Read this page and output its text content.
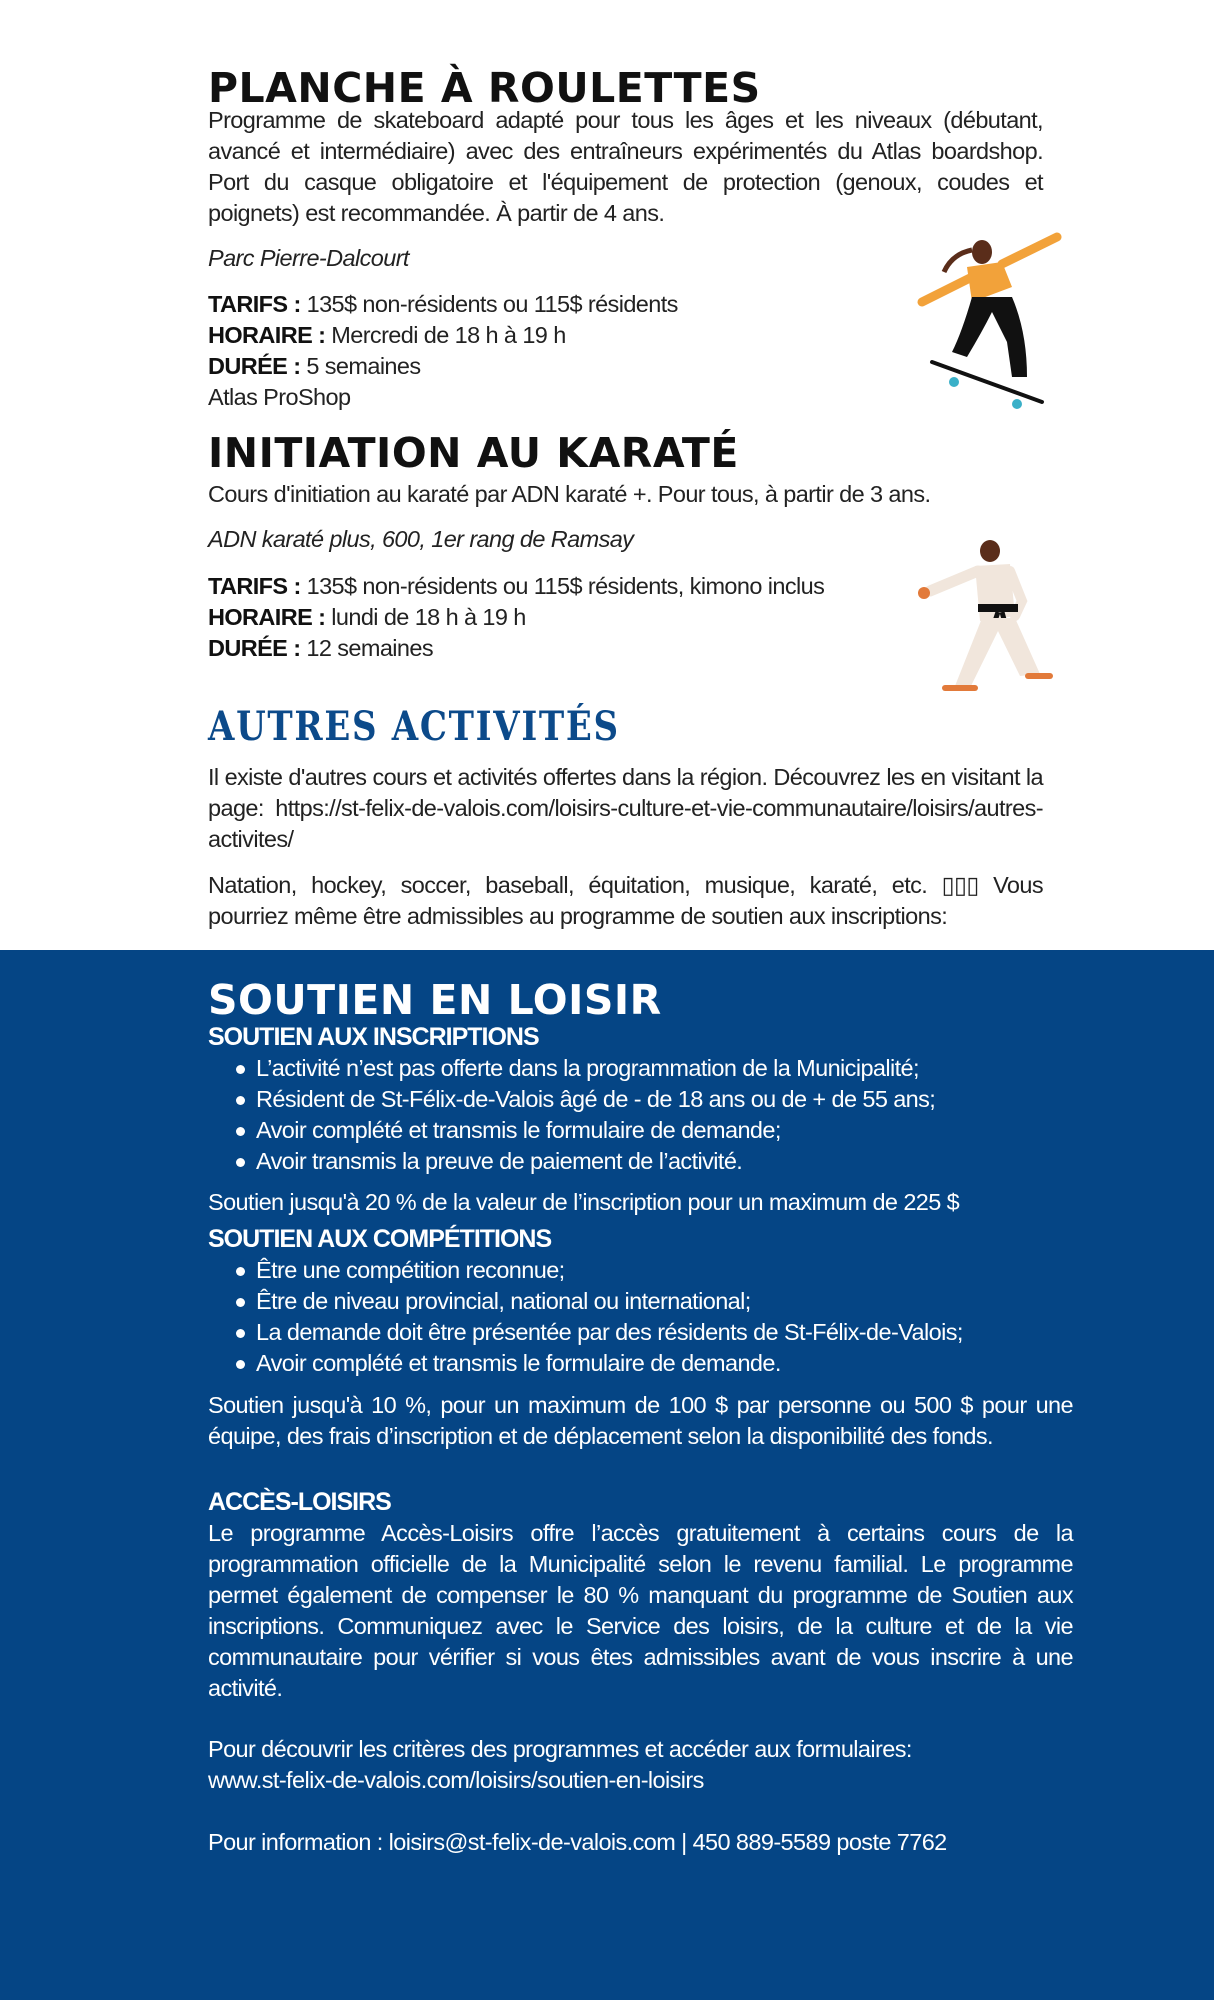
PLANCHE À ROULETTES

Programme de skateboard adapté pour tous les âges et les niveaux (débutant, avancé et intermédiaire) avec des entraîneurs expérimentés du Atlas boardshop. Port du casque obligatoire et l'équipement de protection (genoux, coudes et poignets) est recommandée. À partir de 4 ans.

Parc Pierre-Dalcourt

TARIFS : 135$ non-résidents ou 115$ résidents
HORAIRE : Mercredi de 18 h à 19 h
DURÉE : 5 semaines
Atlas ProShop
INITIATION AU KARATÉ

Cours d'initiation au karaté par ADN karaté +. Pour tous, à partir de 3 ans.

ADN karaté plus, 600, 1er rang de Ramsay

TARIFS : 135$ non-résidents ou 115$ résidents, kimono inclus
HORAIRE : lundi de 18 h à 19 h
DURÉE : 12 semaines
AUTRES ACTIVITÉS

Il existe d'autres cours et activités offertes dans la région. Découvrez les en visitant la page: https://st-felix-de-valois.com/loisirs-culture-et-vie-communautaire/loisirs/autres-activites/

Natation, hockey, soccer, baseball, équitation, musique, karaté, etc. ▯▯▯ Vous pourriez même être admissibles au programme de soutien aux inscriptions:

SOUTIEN EN LOISIR
SOUTIEN AUX INSCRIPTIONS
L’activité n’est pas offerte dans la programmation de la Municipalité;
Résident de St-Félix-de-Valois âgé de - de 18 ans ou de + de 55 ans;
Avoir complété et transmis le formulaire de demande;
Avoir transmis la preuve de paiement de l’activité.

Soutien jusqu'à 20 % de la valeur de l’inscription pour un maximum de 225 $

SOUTIEN AUX COMPÉTITIONS
Être une compétition reconnue;
Être de niveau provincial, national ou international;
La demande doit être présentée par des résidents de St-Félix-de-Valois;
Avoir complété et transmis le formulaire de demande.

Soutien jusqu'à 10 %, pour un maximum de 100 $ par personne ou 500 $ pour une équipe, des frais d’inscription et de déplacement selon la disponibilité des fonds.

ACCÈS-LOISIRS

Le programme Accès-Loisirs offre l’accès gratuitement à certains cours de la programmation officielle de la Municipalité selon le revenu familial. Le programme permet également de compenser le 80 % manquant du programme de Soutien aux inscriptions. Communiquez avec le Service des loisirs, de la culture et de la vie communautaire pour vérifier si vous êtes admissibles avant de vous inscrire à une activité.

Pour découvrir les critères des programmes et accéder aux formulaires:

www.st-felix-de-valois.com/loisirs/soutien-en-loisirs

Pour information : loisirs@st-felix-de-valois.com | 450 889-5589 poste 7762
